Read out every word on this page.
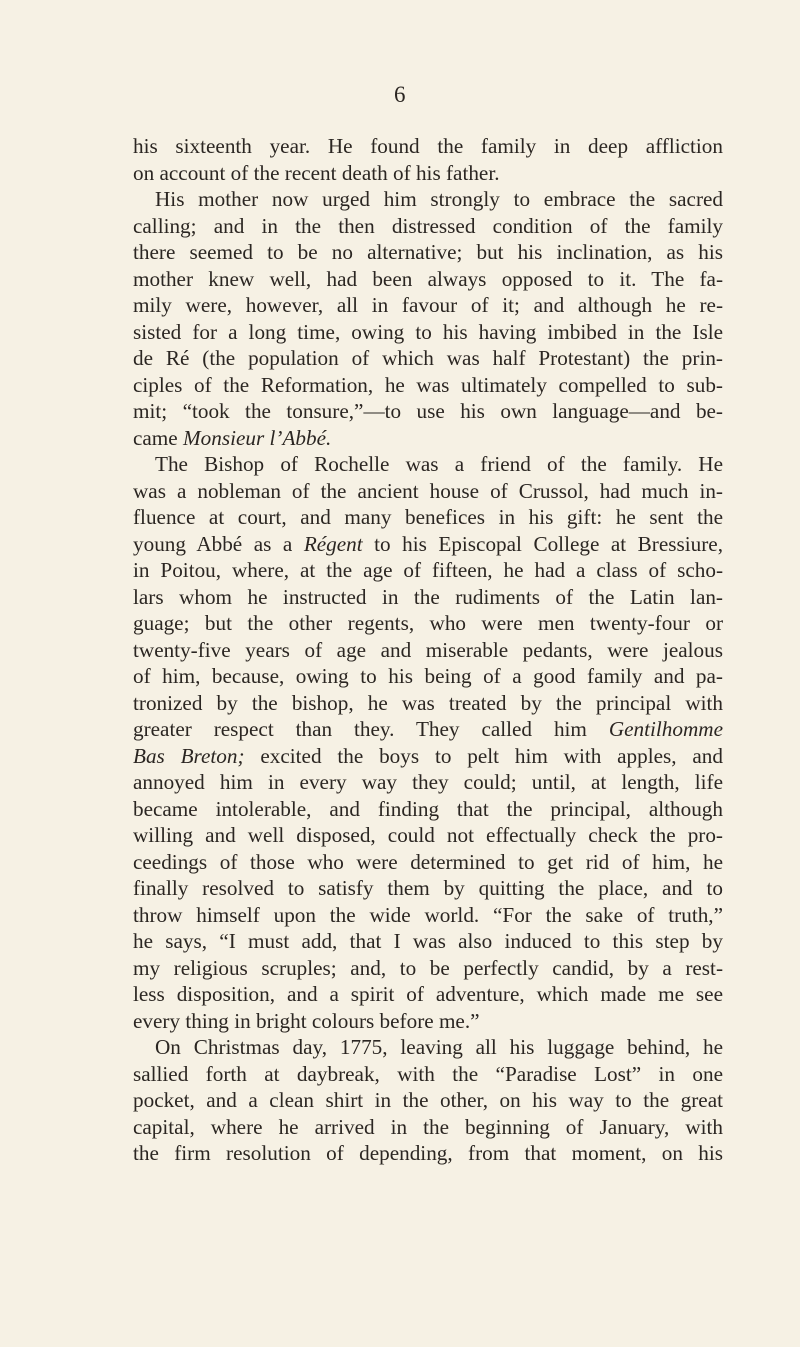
6
his sixteenth year. He found the family in deep affliction
on account of the recent death of his father.
His mother now urged him strongly to embrace the sacred
calling; and in the then distressed condition of the family
there seemed to be no alternative; but his inclination, as his
mother knew well, had been always opposed to it. The fa-
mily were, however, all in favour of it; and although he re-
sisted for a long time, owing to his having imbibed in the Isle
de Ré (the population of which was half Protestant) the prin-
ciples of the Reformation, he was ultimately compelled to sub-
mit; “took the tonsure,”—to use his own language—and be-
came Monsieur l’Abbé.
The Bishop of Rochelle was a friend of the family. He
was a nobleman of the ancient house of Crussol, had much in-
fluence at court, and many benefices in his gift: he sent the
young Abbé as a Régent to his Episcopal College at Bressiure,
in Poitou, where, at the age of fifteen, he had a class of scho-
lars whom he instructed in the rudiments of the Latin lan-
guage; but the other regents, who were men twenty-four or
twenty-five years of age and miserable pedants, were jealous
of him, because, owing to his being of a good family and pa-
tronized by the bishop, he was treated by the principal with
greater respect than they. They called him Gentilhomme
Bas Breton; excited the boys to pelt him with apples, and
annoyed him in every way they could; until, at length, life
became intolerable, and finding that the principal, although
willing and well disposed, could not effectually check the pro-
ceedings of those who were determined to get rid of him, he
finally resolved to satisfy them by quitting the place, and to
throw himself upon the wide world. “For the sake of truth,”
he says, “I must add, that I was also induced to this step by
my religious scruples; and, to be perfectly candid, by a rest-
less disposition, and a spirit of adventure, which made me see
every thing in bright colours before me.”
On Christmas day, 1775, leaving all his luggage behind, he
sallied forth at daybreak, with the “Paradise Lost” in one
pocket, and a clean shirt in the other, on his way to the great
capital, where he arrived in the beginning of January, with
the firm resolution of depending, from that moment, on his
